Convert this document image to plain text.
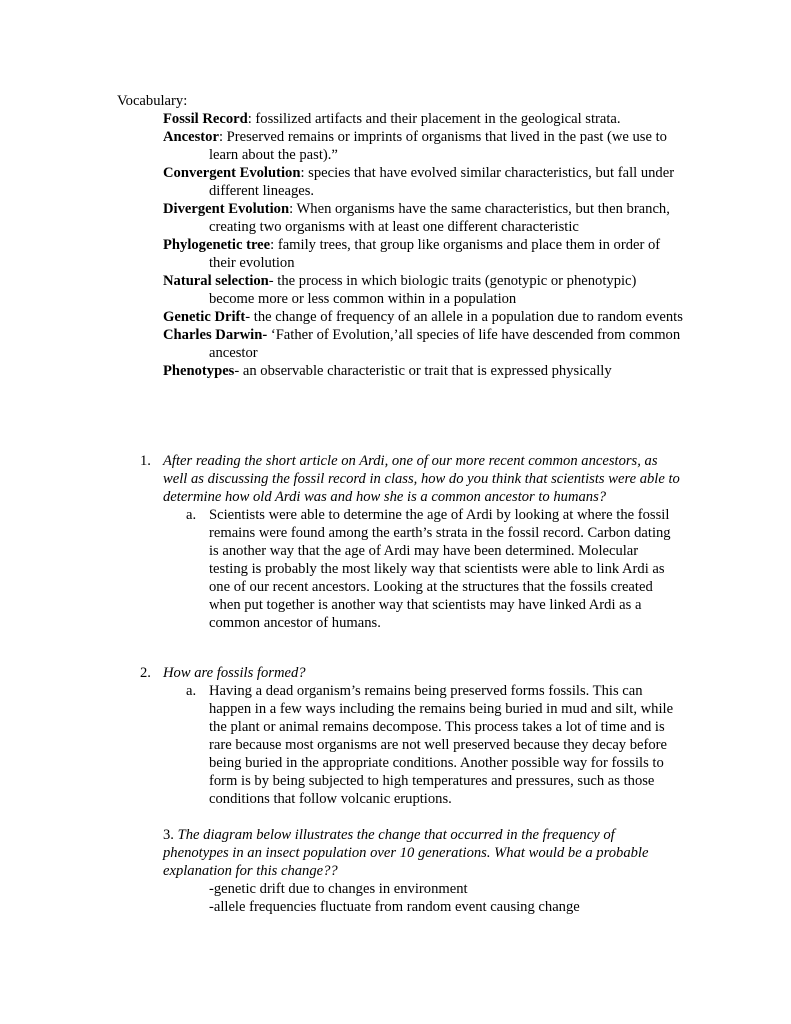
Vocabulary:

Fossil Record: fossilized artifacts and their placement in the geological strata.

Ancestor: Preserved remains or imprints of organisms that lived in the past (we use to learn about the past).”

Convergent Evolution: species that have evolved similar characteristics, but fall under different lineages.

Divergent Evolution: When organisms have the same characteristics, but then branch, creating two organisms with at least one different characteristic

Phylogenetic tree: family trees, that group like organisms and place them in order of their evolution

Natural selection- the process in which biologic traits (genotypic or phenotypic) become more or less common within in a population

Genetic Drift- the change of frequency of an allele in a population due to random events

Charles Darwin- ‘Father of Evolution,’all species of life have descended from common ancestor

Phenotypes- an observable characteristic or trait that is expressed physically

1. After reading the short article on Ardi, one of our more recent common ancestors, as well as discussing the fossil record in class, how do you think that scientists were able to determine how old Ardi was and how she is a common ancestor to humans?
a. Scientists were able to determine the age of Ardi by looking at where the fossil remains were found among the earth’s strata in the fossil record. Carbon dating is another way that the age of Ardi may have been determined. Molecular testing is probably the most likely way that scientists were able to link Ardi as one of our recent ancestors. Looking at the structures that the fossils created when put together is another way that scientists may have linked Ardi as a common ancestor of humans.
2. How are fossils formed?
a. Having a dead organism’s remains being preserved forms fossils. This can happen in a few ways including the remains being buried in mud and silt, while the plant or animal remains decompose. This process takes a lot of time and is rare because most organisms are not well preserved because they decay before being buried in the appropriate conditions. Another possible way for fossils to form is by being subjected to high temperatures and pressures, such as those conditions that follow volcanic eruptions.
3. The diagram below illustrates the change that occurred in the frequency of phenotypes in an insect population over 10 generations. What would be a probable explanation for this change??
-genetic drift due to changes in environment
-allele frequencies fluctuate from random event causing change
